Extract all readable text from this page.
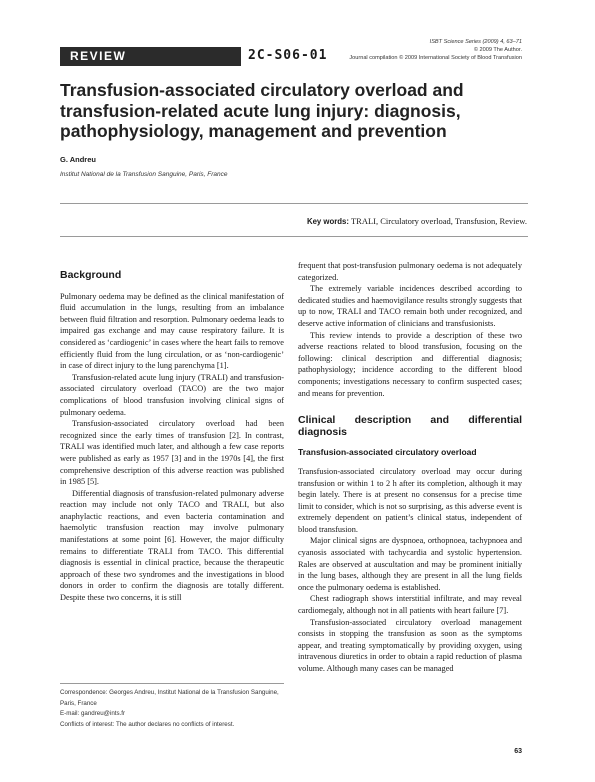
ISBT Science Series (2009) 4, 63–71
© 2009 The Author.
Journal compilation © 2009 International Society of Blood Transfusion
REVIEW	2C-S06-01
Transfusion-associated circulatory overload and transfusion-related acute lung injury: diagnosis, pathophysiology, management and prevention
G. Andreu
Institut National de la Transfusion Sanguine, Paris, France
Key words: TRALI, Circulatory overload, Transfusion, Review.
Background

Pulmonary oedema may be defined as the clinical manifestation of fluid accumulation in the lungs, resulting from an imbalance between fluid filtration and resorption. Pulmonary oedema leads to impaired gas exchange and may cause respiratory failure. It is considered as ‘cardiogenic’ in cases where the heart fails to remove efficiently fluid from the lung circulation, or as ‘non-cardiogenic’ in case of direct injury to the lung parenchyma [1].

Transfusion-related acute lung injury (TRALI) and transfusion-associated circulatory overload (TACO) are the two major complications of blood transfusion involving clinical signs of pulmonary oedema.

Transfusion-associated circulatory overload had been recognized since the early times of transfusion [2]. In contrast, TRALI was identified much later, and although a few case reports were published as early as 1957 [3] and in the 1970s [4], the first comprehensive description of this adverse reaction was published in 1985 [5].

Differential diagnosis of transfusion-related pulmonary adverse reaction may include not only TACO and TRALI, but also anaphylactic reactions, and even bacteria contamination and haemolytic transfusion reaction may involve pulmonary manifestations at some point [6]. However, the major difficulty remains to differentiate TRALI from TACO. This differential diagnosis is essential in clinical practice, because the therapeutic approach of these two syndromes and the investigations in blood donors in order to confirm the diagnosis are totally different. Despite these two concerns, it is still

Correspondence: Georges Andreu, Institut National de la Transfusion Sanguine, Paris, France
E-mail: gandreu@ints.fr
Conflicts of interest: The author declares no conflicts of interest.

frequent that post-transfusion pulmonary oedema is not adequately categorized.

The extremely variable incidences described according to dedicated studies and haemovigilance results strongly suggests that up to now, TRALI and TACO remain both under recognized, and deserve active information of clinicians and transfusionists.

This review intends to provide a description of these two adverse reactions related to blood transfusion, focusing on the following: clinical description and differential diagnosis; pathophysiology; incidence according to the different blood components; investigations necessary to confirm suspected cases; and means for prevention.

Clinical description and differential diagnosis
Transfusion-associated circulatory overload

Transfusion-associated circulatory overload may occur during transfusion or within 1 to 2 h after its completion, although it may begin lately. There is at present no consensus for a precise time limit to consider, which is not so surprising, as this adverse event is extremely dependent on patient’s clinical status, independent of blood transfusion.

Major clinical signs are dyspnoea, orthopnoea, tachypnoea and cyanosis associated with tachycardia and systolic hypertension. Rales are observed at auscultation and may be prominent initially in the lung bases, although they are present in all the lung fields once the pulmonary oedema is established.

Chest radiograph shows interstitial infiltrate, and may reveal cardiomegaly, although not in all patients with heart failure [7].

Transfusion-associated circulatory overload management consists in stopping the transfusion as soon as the symptoms appear, and treating symptomatically by providing oxygen, using intravenous diuretics in order to obtain a rapid reduction of plasma volume. Although many cases can be managed

63
